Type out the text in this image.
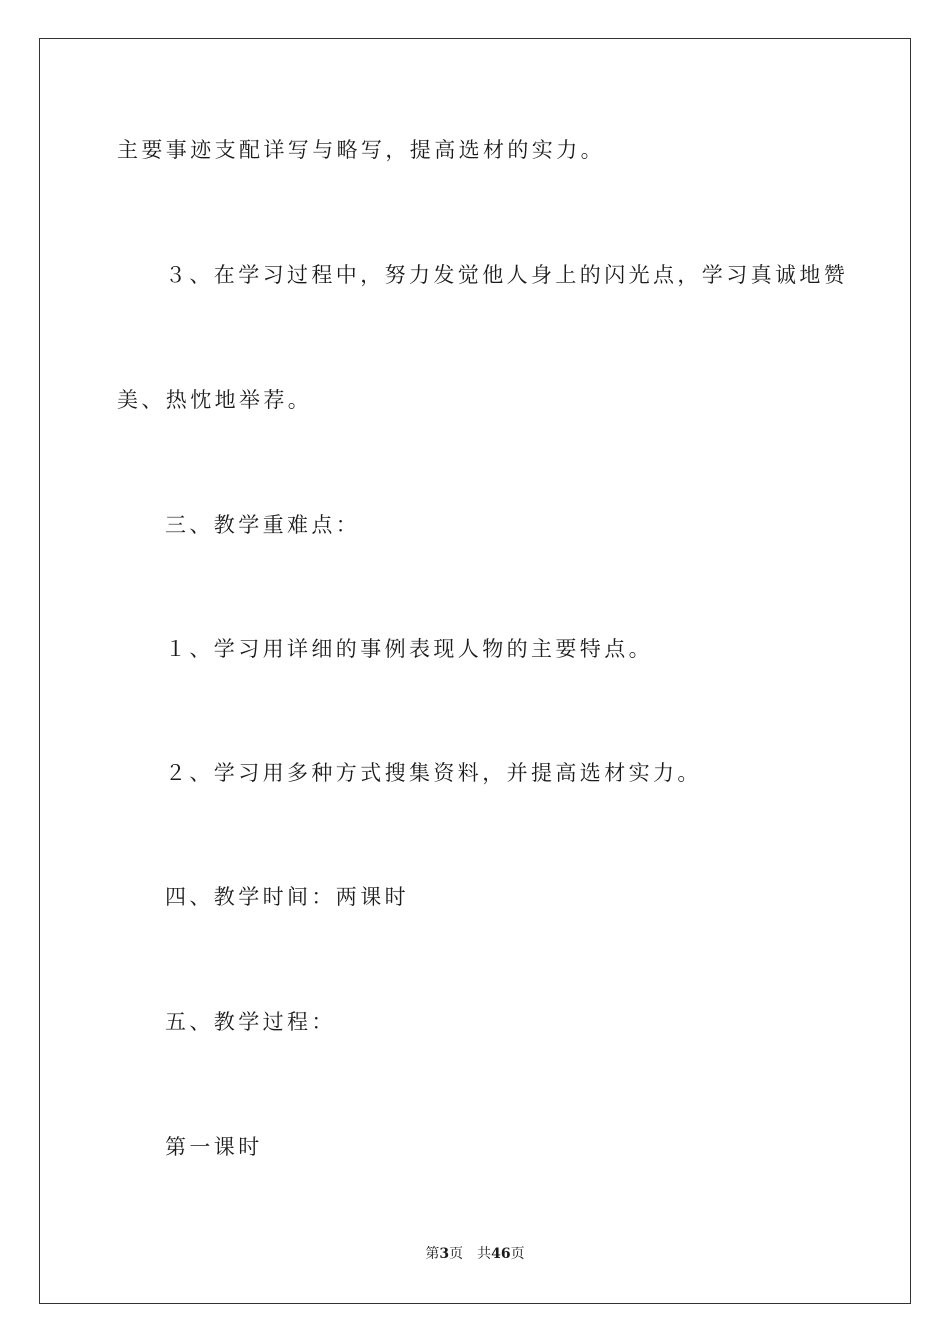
主要事迹支配详写与略写，提高选材的实力。
３、在学习过程中，努力发觉他人身上的闪光点，学习真诚地赞
美、热忱地举荐。
三、教学重难点：
１、学习用详细的事例表现人物的主要特点。
２、学习用多种方式搜集资料，并提高选材实力。
四、教学时间：两课时
五、教学过程：
第一课时
第3页 共46页
